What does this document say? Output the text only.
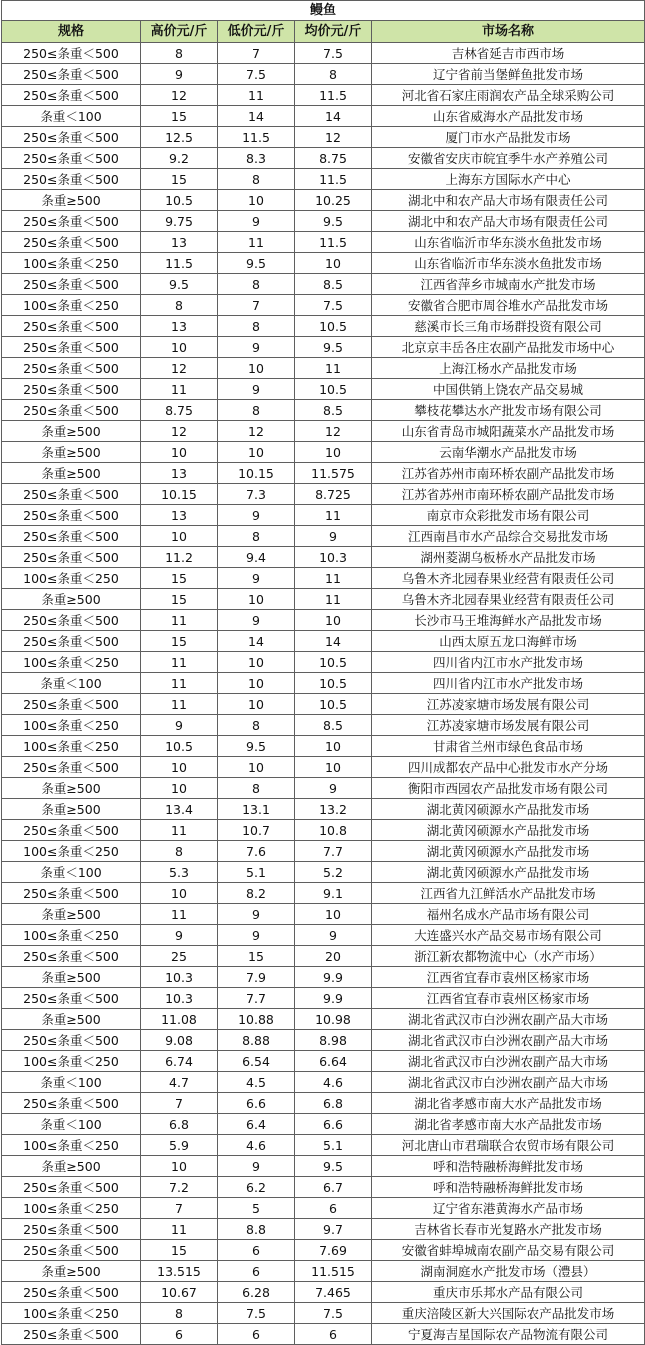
鳗鱼				
规格	高价元/斤	低价元/斤	均价元/斤	市场名称
250≤条重＜500	8	7	7.5	吉林省延吉市西市场
250≤条重＜500	9	7.5	8	辽宁省前当堡鲜鱼批发市场
250≤条重＜500	12	11	11.5	河北省石家庄雨润农产品全球采购公司
条重＜100	15	14	14	山东省威海水产品批发市场
250≤条重＜500	12.5	11.5	12	厦门市水产品批发市场
250≤条重＜500	9.2	8.3	8.75	安徽省安庆市皖宜季牛水产养殖公司
250≤条重＜500	15	8	11.5	上海东方国际水产中心
条重≥500	10.5	10	10.25	湖北中和农产品大市场有限责任公司
250≤条重＜500	9.75	9	9.5	湖北中和农产品大市场有限责任公司
250≤条重＜500	13	11	11.5	山东省临沂市华东淡水鱼批发市场
100≤条重＜250	11.5	9.5	10	山东省临沂市华东淡水鱼批发市场
250≤条重＜500	9.5	8	8.5	江西省萍乡市城南水产批发市场
100≤条重＜250	8	7	7.5	安徽省合肥市周谷堆水产品批发市场
250≤条重＜500	13	8	10.5	慈溪市长三角市场群投资有限公司
250≤条重＜500	10	9	9.5	北京京丰岳各庄农副产品批发市场中心
250≤条重＜500	12	10	11	上海江杨水产品批发市场
250≤条重＜500	11	9	10.5	中国供销上饶农产品交易城
250≤条重＜500	8.75	8	8.5	攀枝花攀达水产批发市场有限公司
条重≥500	12	12	12	山东省青岛市城阳蔬菜水产品批发市场
条重≥500	10	10	10	云南华潮水产品批发市场
条重≥500	13	10.15	11.575	江苏省苏州市南环桥农副产品批发市场
250≤条重＜500	10.15	7.3	8.725	江苏省苏州市南环桥农副产品批发市场
250≤条重＜500	13	9	11	南京市众彩批发市场有限公司
250≤条重＜500	10	8	9	江西南昌市水产品综合交易批发市场
250≤条重＜500	11.2	9.4	10.3	湖州菱湖乌板桥水产品批发市场
100≤条重＜250	15	9	11	乌鲁木齐北园春果业经营有限责任公司
条重≥500	15	10	11	乌鲁木齐北园春果业经营有限责任公司
250≤条重＜500	11	9	10	长沙市马王堆海鲜水产品批发市场
250≤条重＜500	15	14	14	山西太原五龙口海鲜市场
100≤条重＜250	11	10	10.5	四川省内江市水产批发市场
条重＜100	11	10	10.5	四川省内江市水产批发市场
250≤条重＜500	11	10	10.5	江苏凌家塘市场发展有限公司
100≤条重＜250	9	8	8.5	江苏凌家塘市场发展有限公司
100≤条重＜250	10.5	9.5	10	甘肃省兰州市绿色食品市场
250≤条重＜500	10	10	10	四川成都农产品中心批发市水产分场
条重≥500	10	8	9	衡阳市西园农产品批发市场有限公司
条重≥500	13.4	13.1	13.2	湖北黄冈硕源水产品批发市场
250≤条重＜500	11	10.7	10.8	湖北黄冈硕源水产品批发市场
100≤条重＜250	8	7.6	7.7	湖北黄冈硕源水产品批发市场
条重＜100	5.3	5.1	5.2	湖北黄冈硕源水产品批发市场
250≤条重＜500	10	8.2	9.1	江西省九江鲜活水产品批发市场
条重≥500	11	9	10	福州名成水产品市场有限公司
100≤条重＜250	9	9	9	大连盛兴水产品交易市场有限公司
250≤条重＜500	25	15	20	浙江新农都物流中心（水产市场）
条重≥500	10.3	7.9	9.9	江西省宜春市袁州区杨家市场
250≤条重＜500	10.3	7.7	9.9	江西省宜春市袁州区杨家市场
条重≥500	11.08	10.88	10.98	湖北省武汉市白沙洲农副产品大市场
250≤条重＜500	9.08	8.88	8.98	湖北省武汉市白沙洲农副产品大市场
100≤条重＜250	6.74	6.54	6.64	湖北省武汉市白沙洲农副产品大市场
条重＜100	4.7	4.5	4.6	湖北省武汉市白沙洲农副产品大市场
250≤条重＜500	7	6.6	6.8	湖北省孝感市南大水产品批发市场
条重＜100	6.8	6.4	6.6	湖北省孝感市南大水产品批发市场
100≤条重＜250	5.9	4.6	5.1	河北唐山市君瑞联合农贸市场有限公司
条重≥500	10	9	9.5	呼和浩特融桥海鲜批发市场
250≤条重＜500	7.2	6.2	6.7	呼和浩特融桥海鲜批发市场
100≤条重＜250	7	5	6	辽宁省东港黄海水产品市场
250≤条重＜500	11	8.8	9.7	吉林省长春市光复路水产批发市场
250≤条重＜500	15	6	7.69	安徽省蚌埠城南农副产品交易有限公司
条重≥500	13.515	6	11.515	湖南洞庭水产批发市场（澧县）
250≤条重＜500	10.67	6.28	7.465	重庆市乐邦水产品有限公司
100≤条重＜250	8	7.5	7.5	重庆涪陵区新大兴国际农产品批发市场
250≤条重＜500	6	6	6	宁夏海吉星国际农产品物流有限公司
